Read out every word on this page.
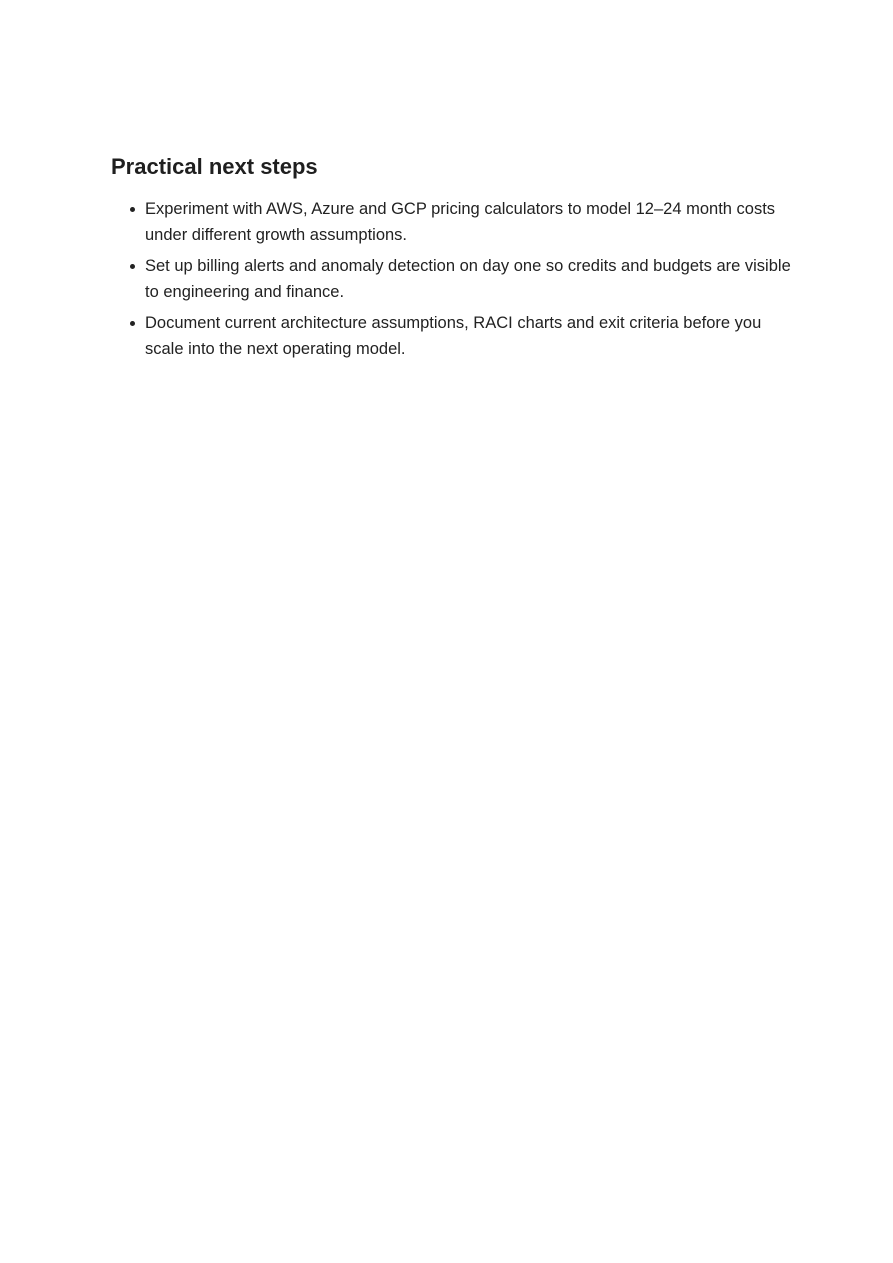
Practical next steps
Experiment with AWS, Azure and GCP pricing calculators to model 12–24 month costs under different growth assumptions.
Set up billing alerts and anomaly detection on day one so credits and budgets are visible to engineering and finance.
Document current architecture assumptions, RACI charts and exit criteria before you scale into the next operating model.
